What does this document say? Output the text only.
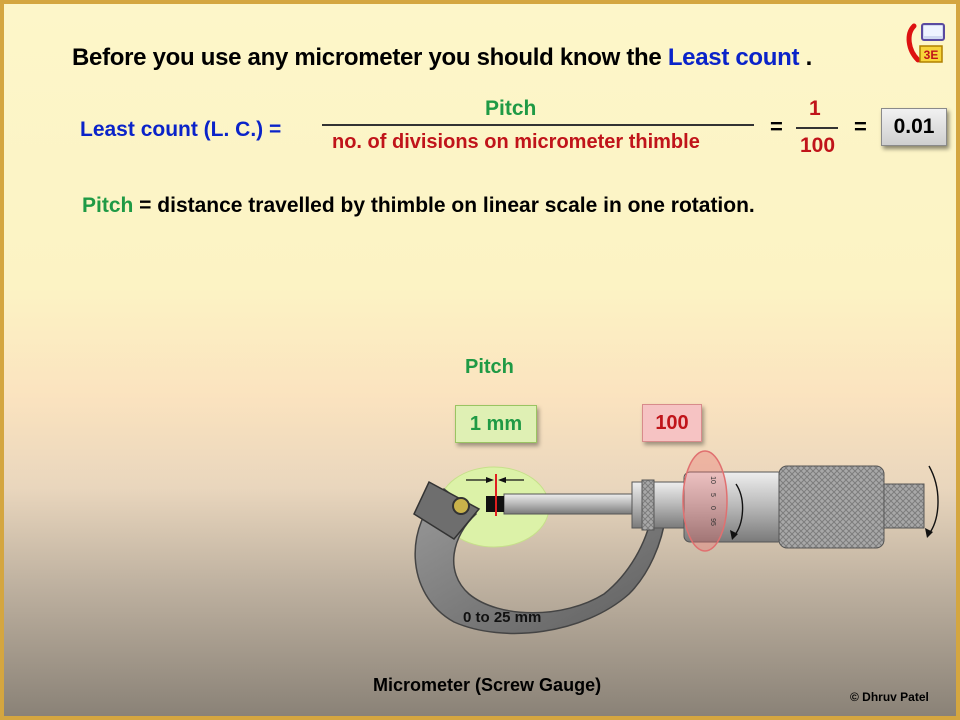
Before you use any micrometer you should know the Least count .	3E
Least count (L. C.) =
Pitch
no. of divisions on micrometer thimble
=
1
100
=	0.01
Pitch = distance travelled by thimble on linear scale in one rotation.
Pitch
1 mm	100
10
5
0
95
0 to 25 mm
Micrometer (Screw Gauge)
© Dhruv Patel
